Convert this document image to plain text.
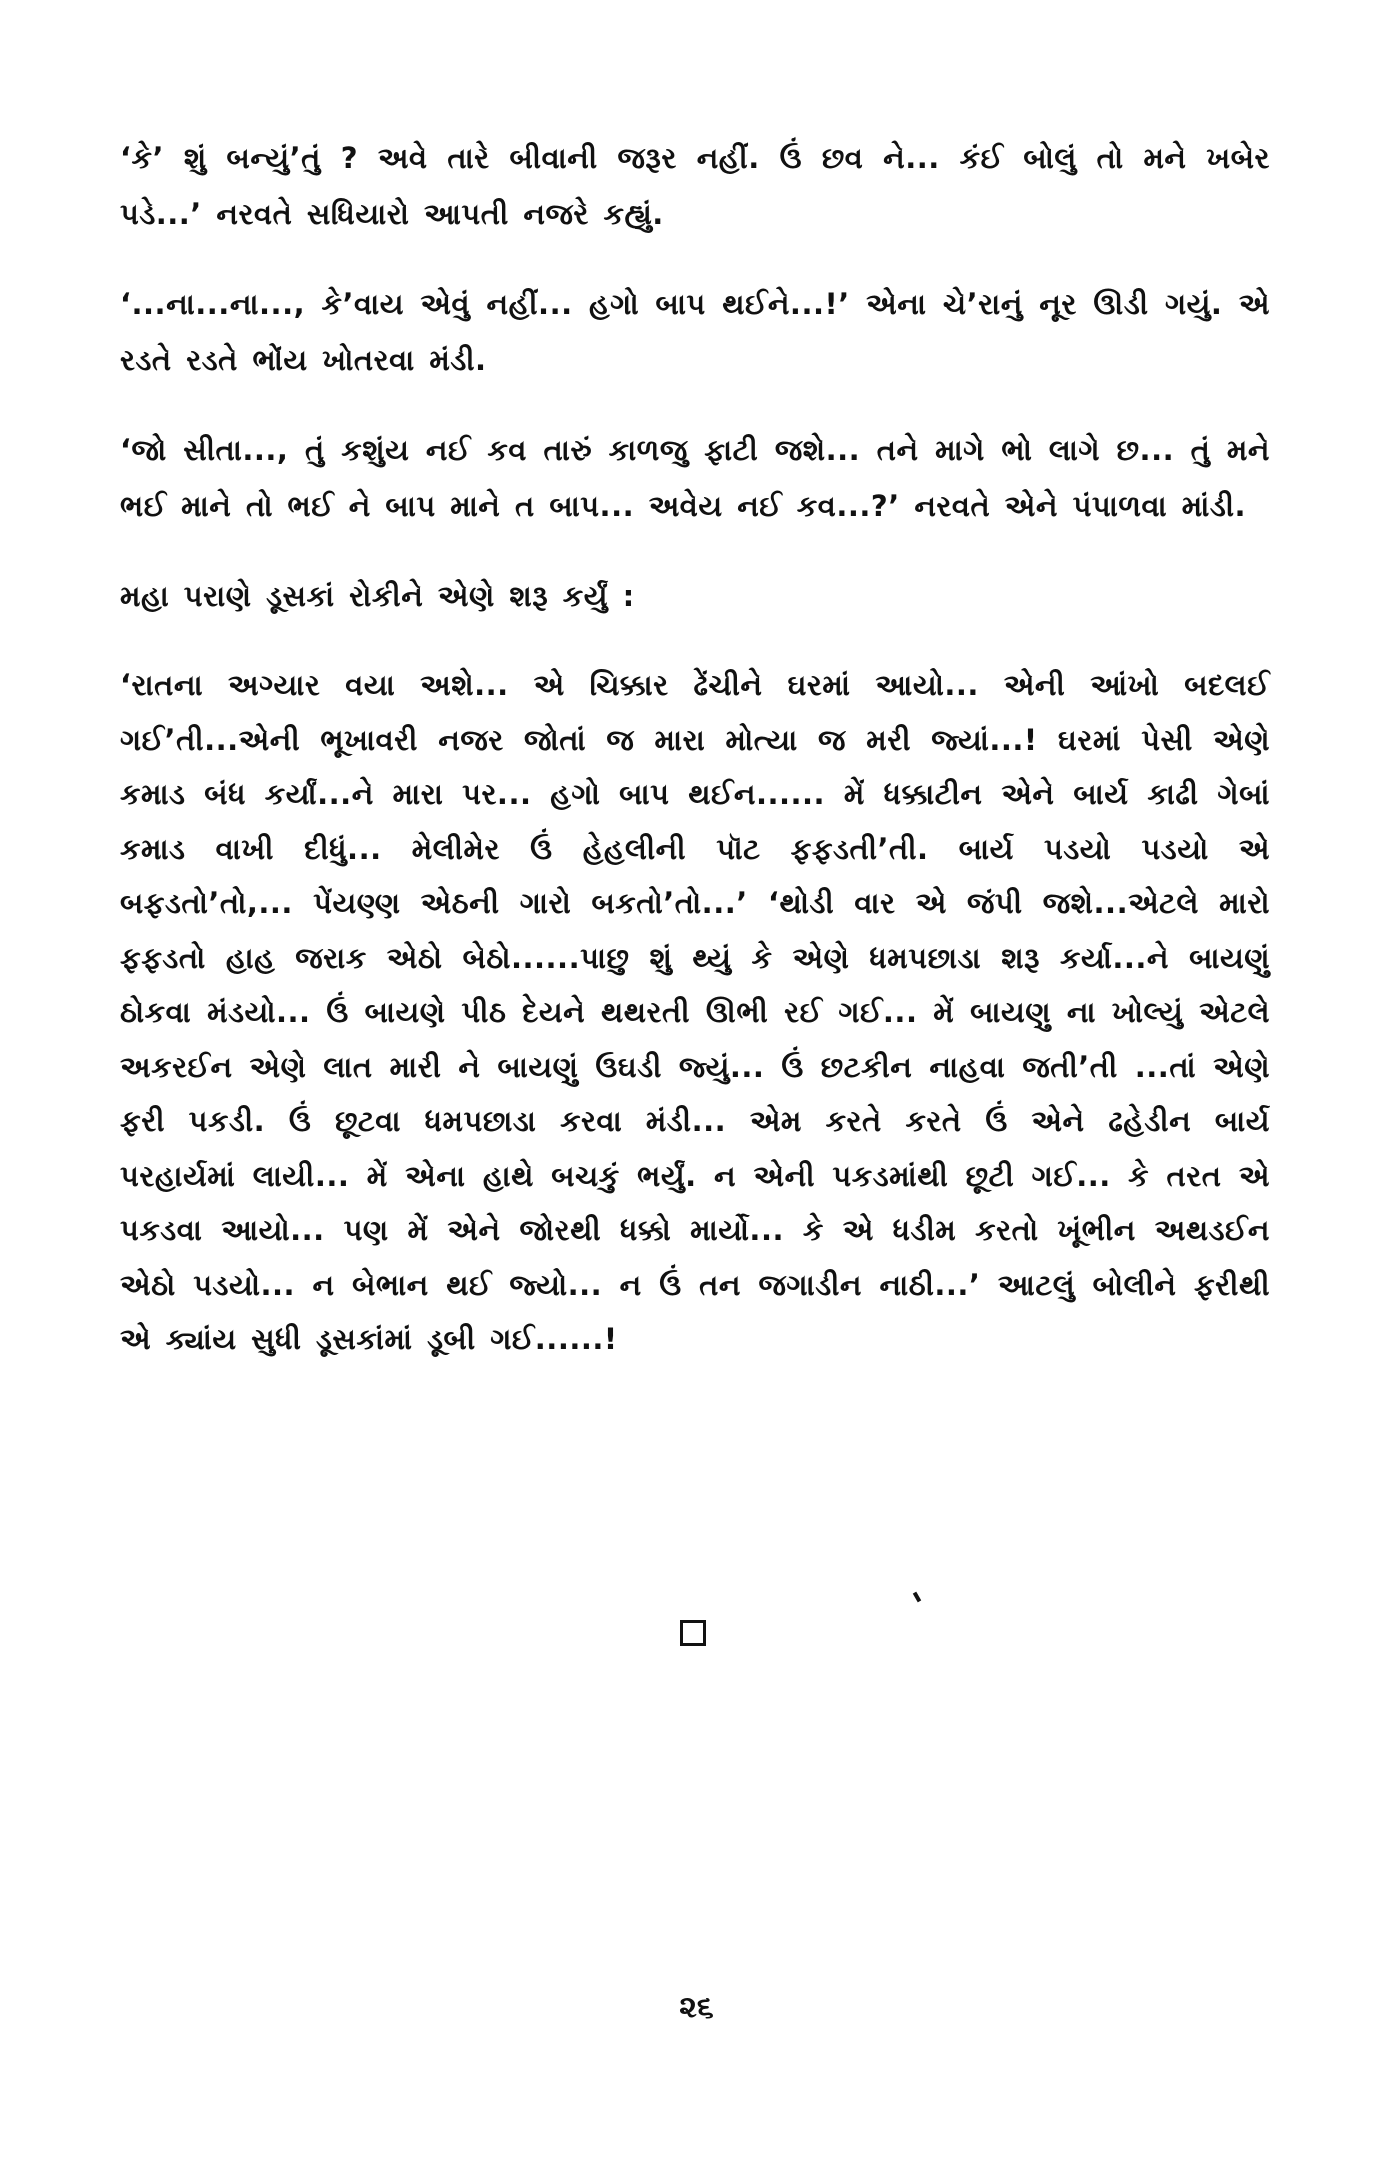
‘કે’ શું બન્યું’તું ? અવે તારે બીવાની જરૂર નહીં. ઉં છવ ને... કંઈ બોલું તો મને ખબેર પડે...’ નરવતે સધિયારો આપતી નજરે કહ્યું.

‘...ના...ના..., કે’વાય એવું નહીં... હગો બાપ થઈને...!’ એના ચે’રાનું નૂર ઊડી ગયું. એ રડતે રડતે ભોંય ખોતરવા મંડી.

‘જો સીતા..., તું કશુંય નઈ કવ તારું કાળજુ ફાટી જશે... તને માગે ભો લાગે છ... તું મને ભઈ માને તો ભઈ ને બાપ માને ત બાપ... અવેય નઈ કવ...?’ નરવતે એને પંપાળવા માંડી.

મહા પરાણે ડૂસકાં રોકીને એણે શરૂ કર્યું :

‘રાતના અગ્યાર વયા અશે... એ ચિક્કાર ઢેંચીને ઘરમાં આયો... એની આંખો બદલઈ ગઈ’તી...એની ભૂખાવરી નજર જોતાં જ મારા મોત્યા જ મરી જ્યાં...! ઘરમાં પેસી એણે કમાડ બંધ કર્યાં...ને મારા પર... હગો બાપ થઈન...... મેં ધક્કાટીન એને બાર્ય કાઢી ગેબાં કમાડ વાખી દીધું... મેલીમેર ઉં હેહલીની પૉટ ફફડતી’તી. બાર્ય પડયો પડયો એ બફડતો’તો,... પેંયણ્ણ એઠની ગારો બકતો’તો...’ ‘થોડી વાર એ જંપી જશે...એટલે મારો ફફડતો હાહ જરાક એઠો બેઠો......પાછુ શું થ્યું કે એણે ધમપછાડા શરૂ કર્યા...ને બાયણું ઠોકવા મંડયો... ઉં બાયણે પીઠ દેયને થથરતી ઊભી રઈ ગઈ... મેં બાયણુ ના ખોલ્યું એટલે અકરઈન એણે લાત મારી ને બાયણું ઉઘડી જ્યું... ઉં છટકીન નાહવા જતી’તી ...તાં એણે ફરી પકડી. ઉં છૂટવા ધમપછાડા કરવા મંડી... એમ કરતે કરતે ઉં એને ઢહેડીન બાર્ય પરહાર્યમાં લાયી... મેં એના હાથે બચકું ભર્યું. ન એની પકડમાંથી છૂટી ગઈ... કે તરત એ પકડવા આયો... પણ મેં એને જોરથી ધક્કો માર્યો... કે એ ધડીમ કરતો ખૂંભીન અથડઈન એઠો પડયો... ન બેભાન થઈ જ્યો... ન ઉં તન જગાડીન નાઠી...’ આટલું બોલીને ફરીથી એ ક્યાંય સુધી ડૂસકાંમાં ડૂબી ગઈ......!

૨૬
